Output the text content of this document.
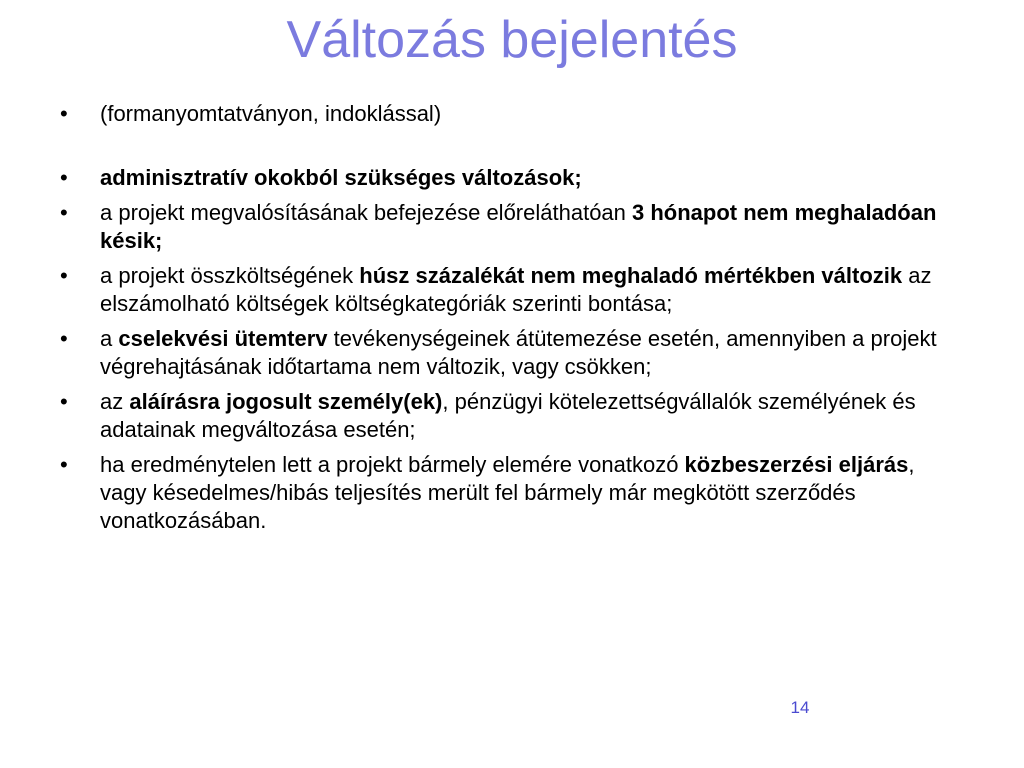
Változás bejelentés
•	(formanyomtatványon, indoklással)
•	adminisztratív okokból szükséges változások;
•	a projekt megvalósításának befejezése előreláthatóan 3 hónapot nem meghaladóan késik;
•	a projekt összköltségének húsz százalékát nem meghaladó mértékben változik az elszámolható költségek költségkategóriák szerinti bontása;
•	a cselekvési ütemterv tevékenységeinek átütemezése esetén, amennyiben a projekt végrehajtásának időtartama nem változik, vagy csökken;
•	az aláírásra jogosult személy(ek), pénzügyi kötelezettségvállalók személyének és adatainak megváltozása esetén;
•	ha eredménytelen lett a projekt bármely elemére vonatkozó közbeszerzési eljárás, vagy késedelmes/hibás teljesítés merült fel bármely már megkötött szerződés vonatkozásában.
14
